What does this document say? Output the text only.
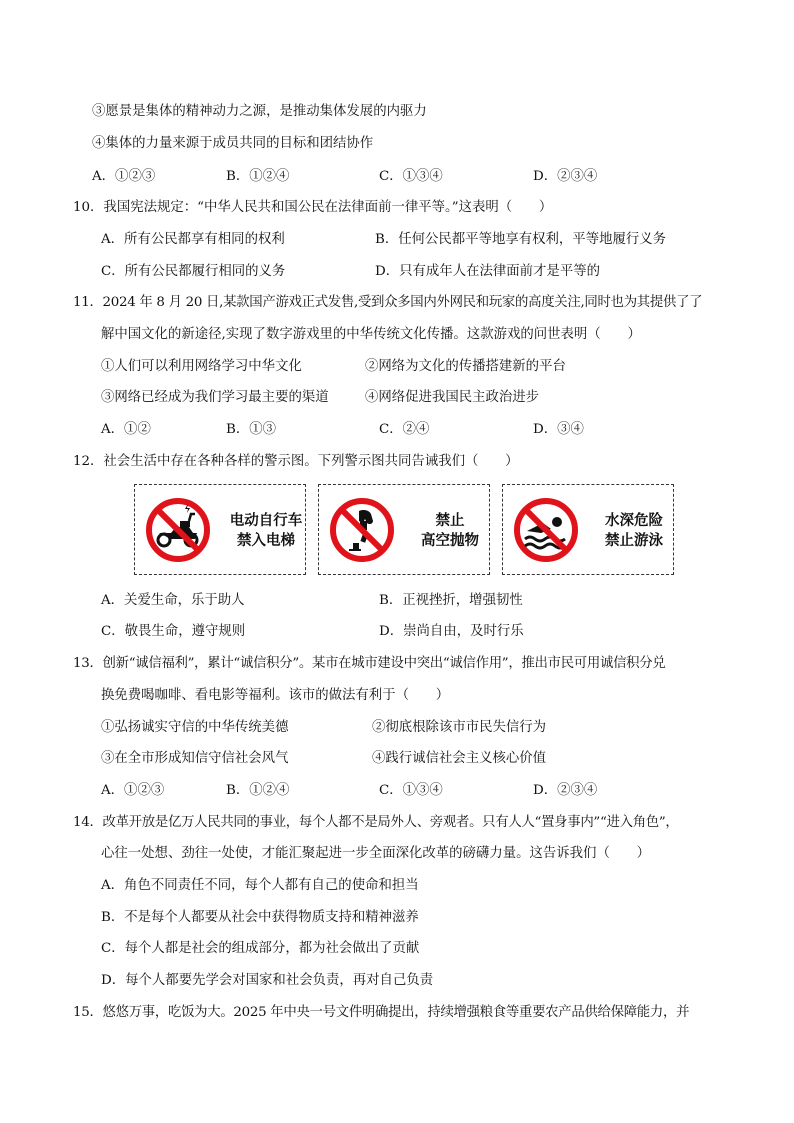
③愿景是集体的精神动力之源，是推动集体发展的内驱力
④集体的力量来源于成员共同的目标和团结协作
A．①②③	B．①②④	C．①③④	D．②③④
10．我国宪法规定：“中华人民共和国公民在法律面前一律平等。”这表明（　　）
A．所有公民都享有相同的权利	B．任何公民都平等地享有权利，平等地履行义务
C．所有公民都履行相同的义务	D．只有成年人在法律面前才是平等的
11．2024 年 8 月 20 日,某款国产游戏正式发售,受到众多国内外网民和玩家的高度关注,同时也为其提供了了
解中国文化的新途径,实现了数字游戏里的中华传统文化传播。这款游戏的问世表明（　　）
①人们可以利用网络学习中华文化	②网络为文化的传播搭建新的平台
③网络已经成为我们学习最主要的渠道	④网络促进我国民主政治进步
A．①②	B．①③	C．②④	D．③④
12．社会生活中存在各种各样的警示图。下列警示图共同告诫我们（　　）
电动自行车
禁入电梯
禁止
高空抛物
水深危险
禁止游泳
A．关爱生命，乐于助人	B．正视挫折，增强韧性
C．敬畏生命，遵守规则	D．崇尚自由，及时行乐
13．创新“诚信福利”，累计“诚信积分”。某市在城市建设中突出“诚信作用”，推出市民可用诚信积分兑
换免费喝咖啡、看电影等福利。该市的做法有利于（　　）
①弘扬诚实守信的中华传统美德	②彻底根除该市市民失信行为
③在全市形成知信守信社会风气	④践行诚信社会主义核心价值
A．①②③	B．①②④	C．①③④	D．②③④
14．改革开放是亿万人民共同的事业，每个人都不是局外人、旁观者。只有人人“置身事内”“进入角色”，
心往一处想、劲往一处使，才能汇聚起进一步全面深化改革的磅礴力量。这告诉我们（　　）
A．角色不同责任不同，每个人都有自己的使命和担当
B．不是每个人都要从社会中获得物质支持和精神滋养
C．每个人都是社会的组成部分，都为社会做出了贡献
D．每个人都要先学会对国家和社会负责，再对自己负责
15．悠悠万事，吃饭为大。2025 年中央一号文件明确提出，持续增强粮食等重要农产品供给保障能力，并
